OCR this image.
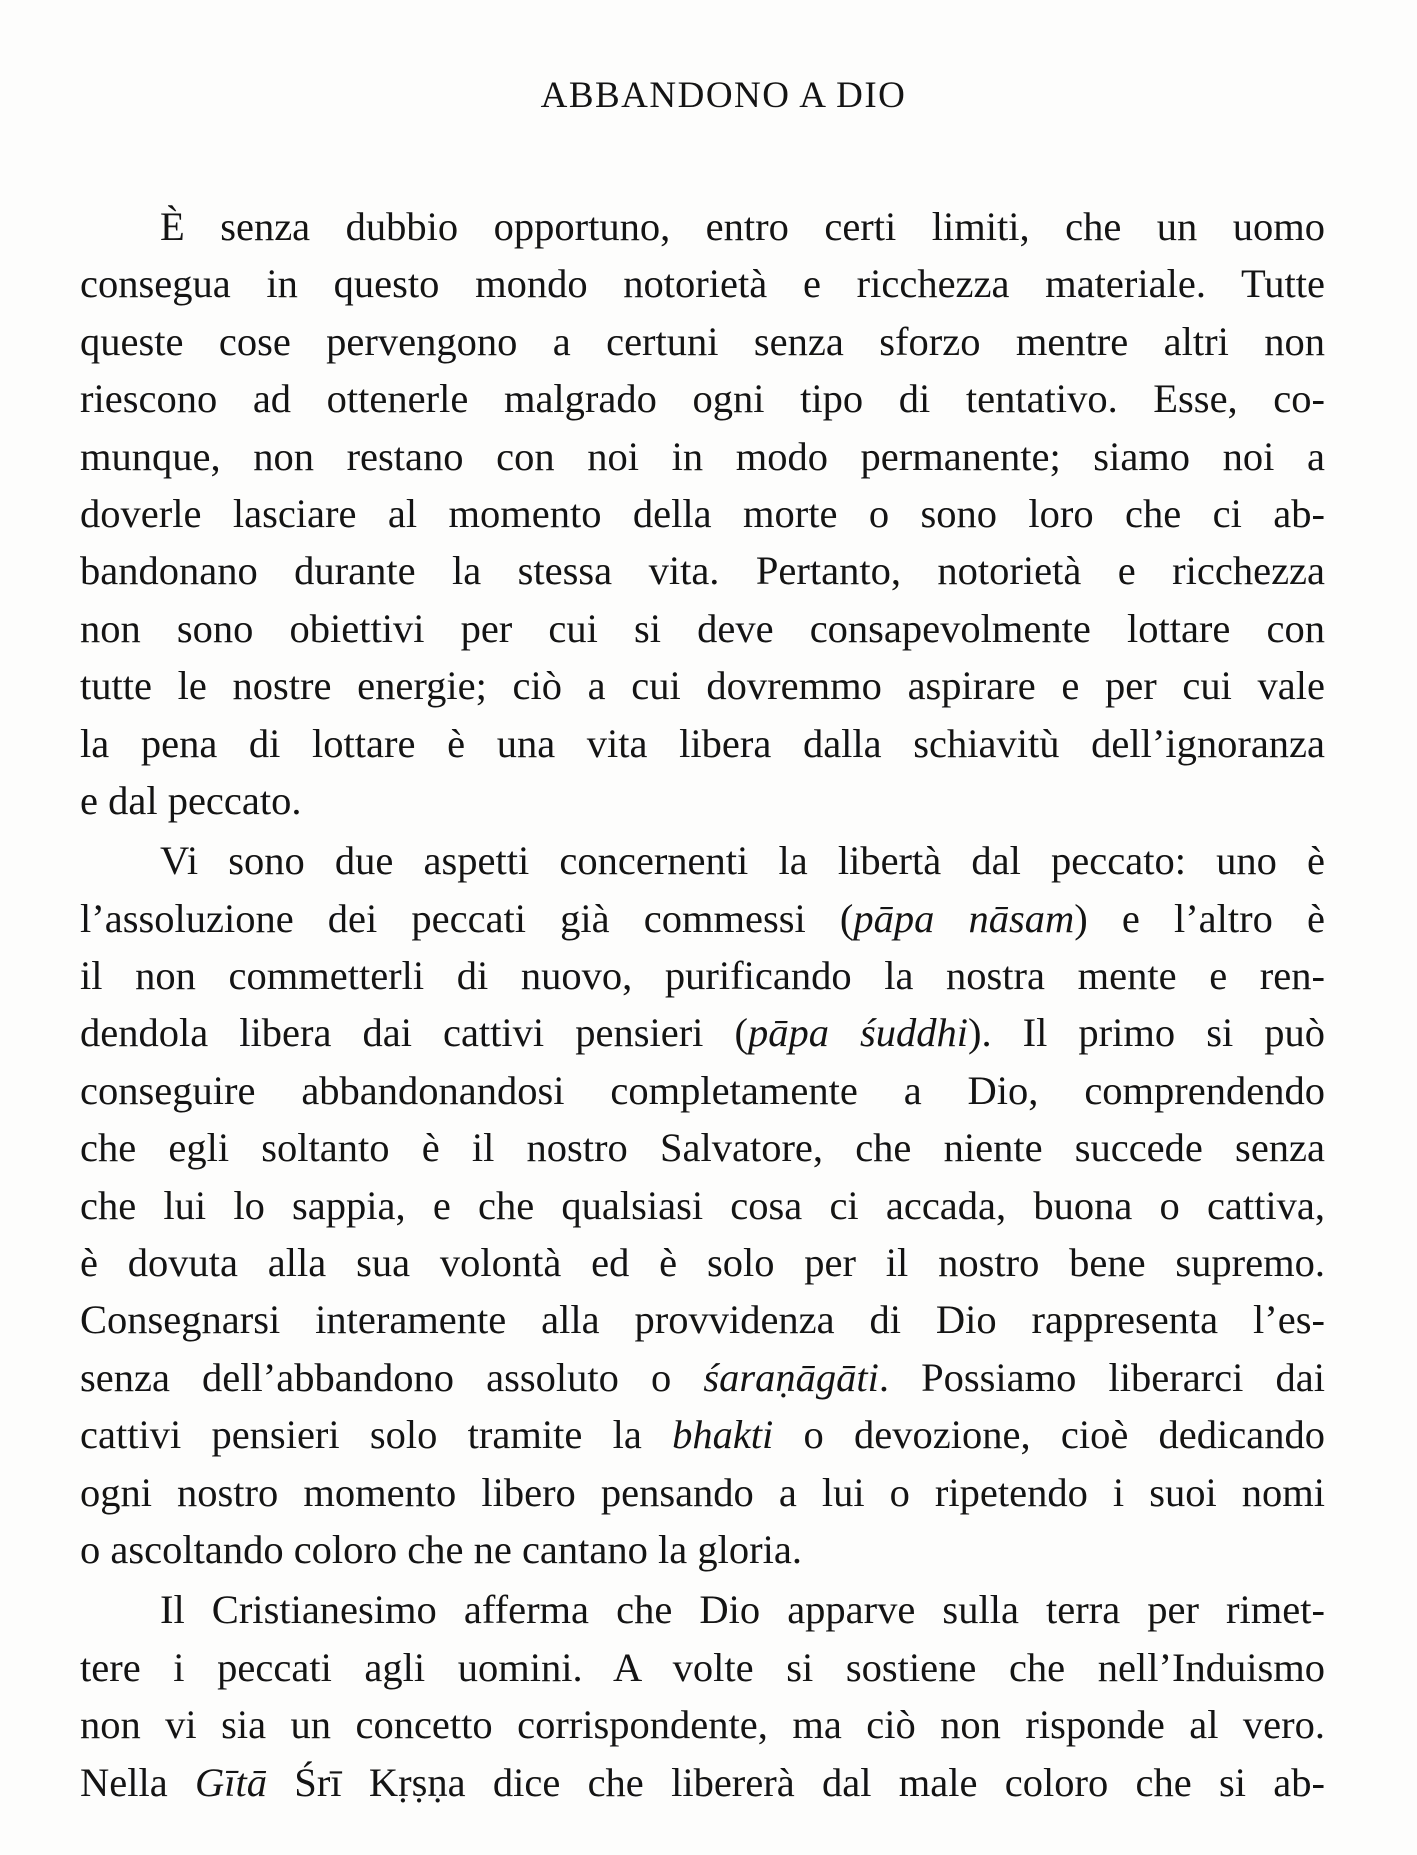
ABBANDONO A DIO

È senza dubbio opportuno, entro certi limiti, che un uomo
consegua in questo mondo notorietà e ricchezza materiale. Tutte
queste cose pervengono a certuni senza sforzo mentre altri non
riescono ad ottenerle malgrado ogni tipo di tentativo. Esse, co-
munque, non restano con noi in modo permanente; siamo noi a
doverle lasciare al momento della morte o sono loro che ci ab-
bandonano durante la stessa vita. Pertanto, notorietà e ricchezza
non sono obiettivi per cui si deve consapevolmente lottare con
tutte le nostre energie; ciò a cui dovremmo aspirare e per cui vale
la pena di lottare è una vita libera dalla schiavitù dell’ignoranza
e dal peccato.

Vi sono due aspetti concernenti la libertà dal peccato: uno è
l’assoluzione dei peccati già commessi (pāpa nāsam) e l’altro è
il non commetterli di nuovo, purificando la nostra mente e ren-
dendola libera dai cattivi pensieri (pāpa śuddhi). Il primo si può
conseguire abbandonandosi completamente a Dio, comprendendo
che egli soltanto è il nostro Salvatore, che niente succede senza
che lui lo sappia, e che qualsiasi cosa ci accada, buona o cattiva,
è dovuta alla sua volontà ed è solo per il nostro bene supremo.
Consegnarsi interamente alla provvidenza di Dio rappresenta l’es-
senza dell’abbandono assoluto o śaraṇāgāti. Possiamo liberarci dai
cattivi pensieri solo tramite la bhakti o devozione, cioè dedicando
ogni nostro momento libero pensando a lui o ripetendo i suoi nomi
o ascoltando coloro che ne cantano la gloria.

Il Cristianesimo afferma che Dio apparve sulla terra per rimet-
tere i peccati agli uomini. A volte si sostiene che nell’Induismo
non vi sia un concetto corrispondente, ma ciò non risponde al vero.
Nella Gītā Śrī Kṛṣṇa dice che libererà dal male coloro che si ab-
